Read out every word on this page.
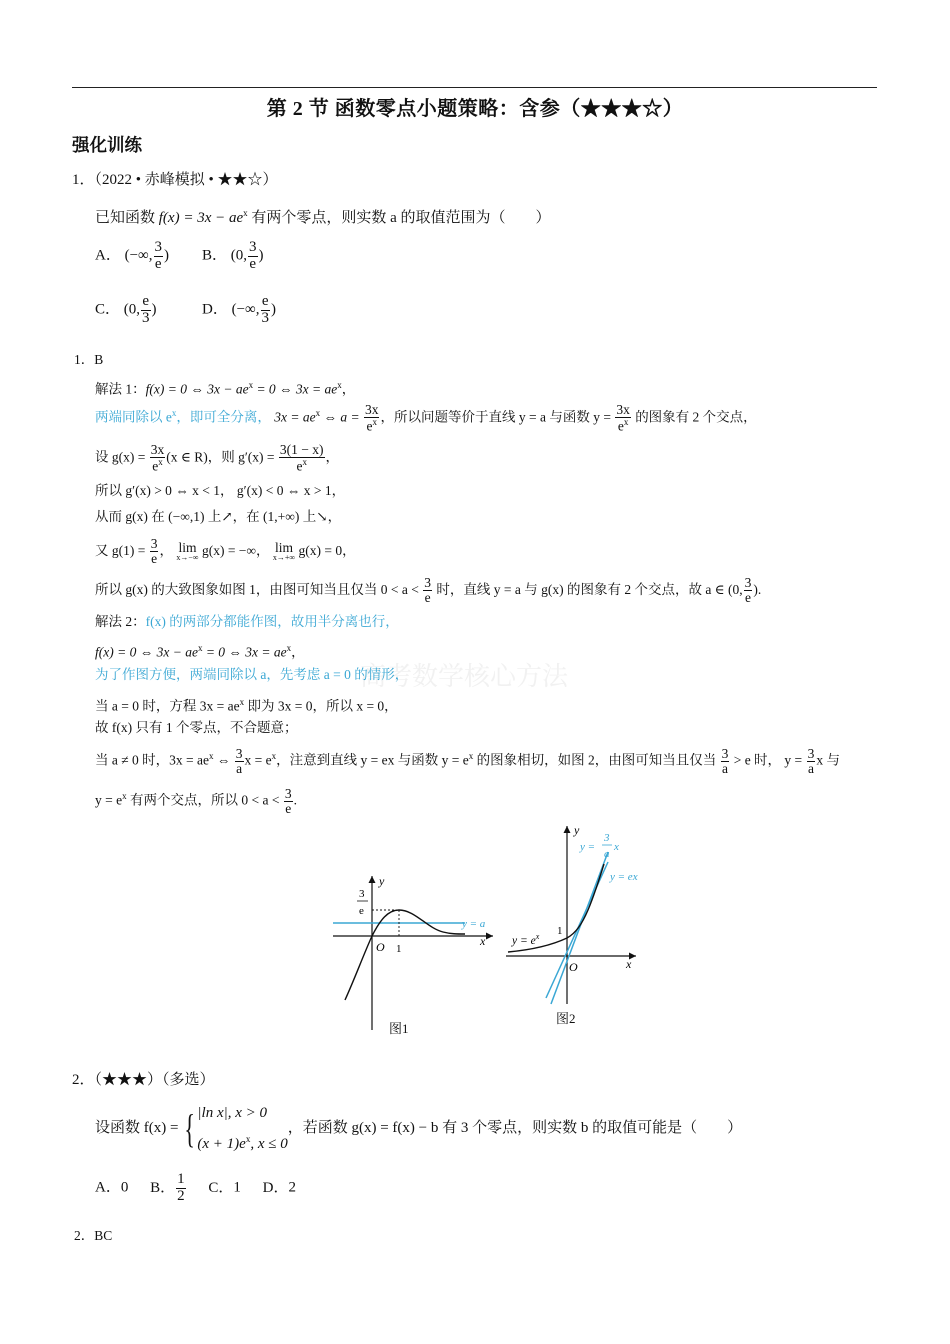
第 2 节 函数零点小题策略：含参（★★★☆）
强化训练
高考数学核心方法
1．（2022 • 赤峰模拟 • ★★☆）
已知函数 $f(x) = 3x - ae^x$ 有两个零点，则实数 a 的取值范围为（　　）
A． (−∞, $\frac{3}{e}$ ) B． (0, $\frac{3}{e}$ )
C． (0, $\frac{e}{3}$ )	D． (−∞, $\frac{e}{3}$ )
1．B
解法 1：f(x) = 0 ⇔ $3x - ae^x = 0$ ⇔ $3x = ae^x$，
两端同除以 $e^x$，即可全分离， $3x = ae^x$ ⇔ $a = \frac{3x}{e^x}$ ，所以问题等价于直线 y = a 与函数 $y = \frac{3x}{e^x}$ 的图象有 2 个交点，
设 $g(x) = \frac{3x}{e^x} (x$ ∈ R)，则 $g'(x) = \frac{3(1 - x)}{e^x}$ ，
所以 g′(x) > 0 ⇔ x < 1， g′(x) < 0 ⇔ x > 1，
从而 g(x) 在 (−∞,1) 上↗，在 (1,+∞) 上↘，
又 $g(1) = \frac{3}{e}$ ， lim
x→−∞
g(x) = −∞， lim
x→+∞
g(x) = 0，
所以 g(x) 的大致图象如图 1，由图可知当且仅当 $0 < a < \frac{3}{e}$ 时，直线 y = a 与 g(x) 的图象有 2 个交点，故 a ∈ (0, $\frac{3}{e}$ ).
解法 2：f(x) 的两部分都能作图，故用半分离也行，
f(x) = 0 ⇔ $3x - ae^x = 0$ ⇔ $3x = ae^x$，
为了作图方便，两端同除以 a，先考虑 a = 0 的情形，
当 a = 0 时，方程 $3x = ae^x$ 即为 3x = 0，所以 x = 0，
故 f(x) 只有 1 个零点，不合题意；
当 a ≠ 0 时，$3x = ae^x$ ⇔ $\frac{3}{a}$ $x = e^x$，注意到直线 y = ex 与函数 $y = e^x$ 的图象相切，如图 2，由图可知当且仅当 $\frac{3}{a} > e$ 时， $y = \frac{3}{a}$ x 与
$y = e^x$ 有两个交点，所以 $0 < a < \frac{3}{e}$ .
y
x
O 1
3
e
y = a
图1
y
x
O
1
$y = e^x$
y =
3
a
x
y = ex
图2
2．（★★★）（多选）
设函数 f(x) = { |ln x|, x > 0
$(x + 1)e^x$, x ≤ 0
，若函数 g(x) = f(x) − b 有 3 个零点，则实数 b 的取值可能是（　　）
A．0 B． $\frac{1}{2}$ C．1 D．2
2．BC
